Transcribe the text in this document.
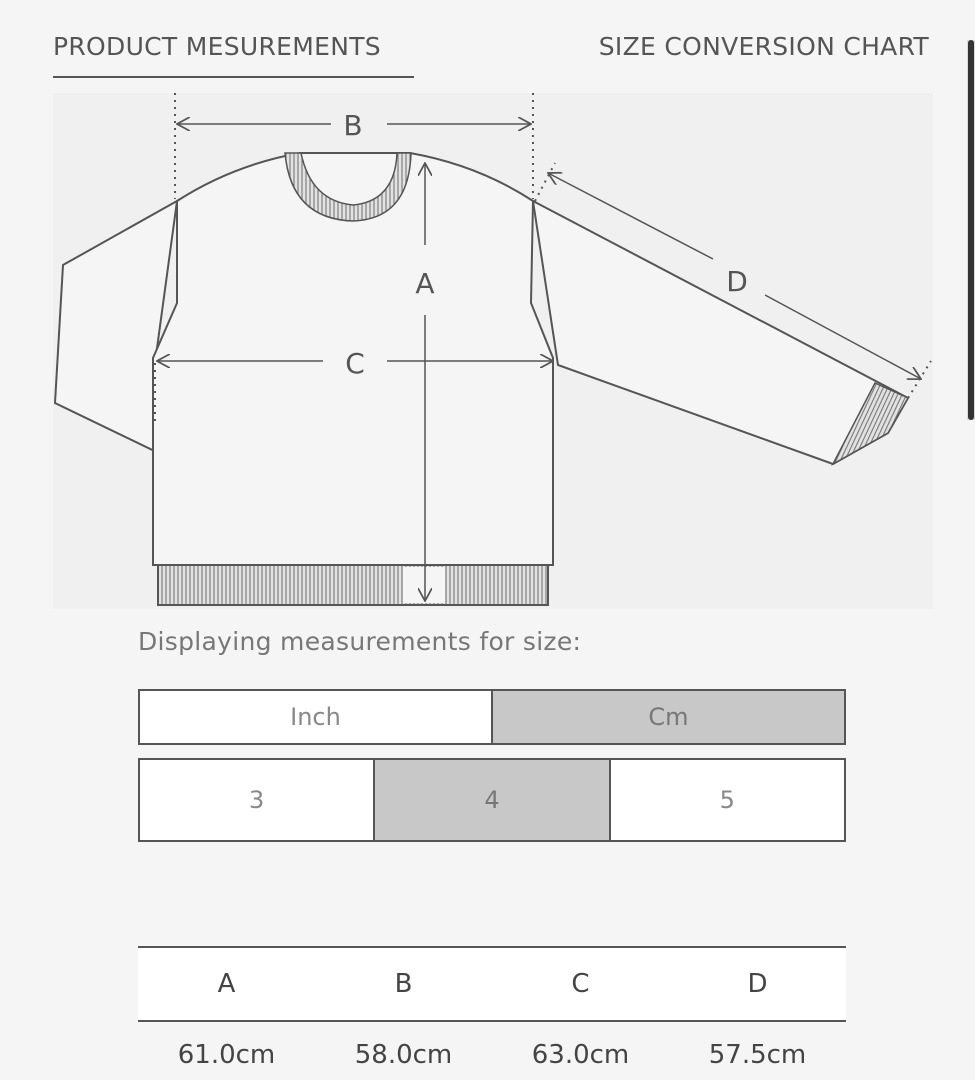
PRODUCT MESUREMENTS	SIZE CONVERSION CHART
B
A
C
D
Displaying measurements for size:
Inch	Cm
3	4	5
A	B	C	D
61.0cm	58.0cm	63.0cm	57.5cm
